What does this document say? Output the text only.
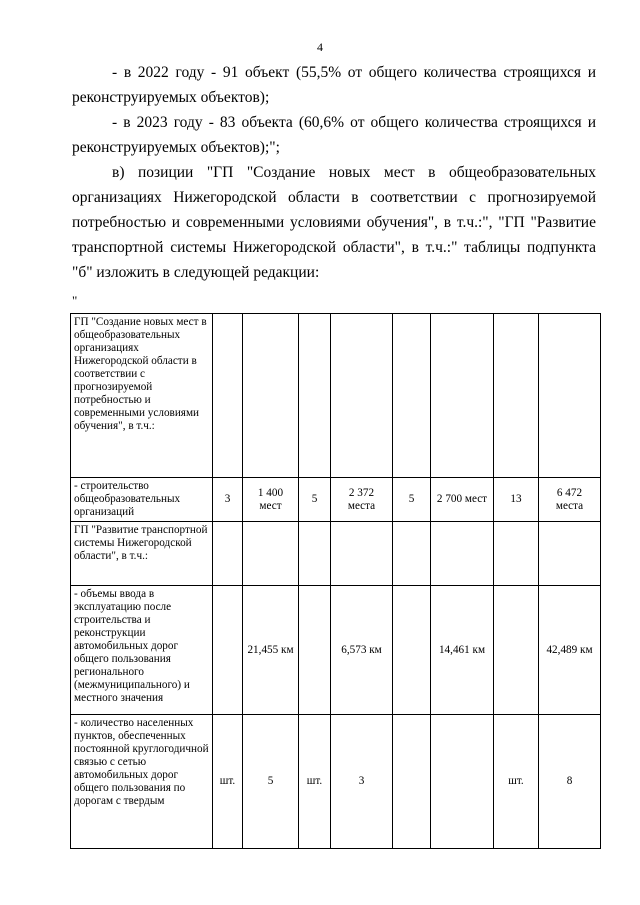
4

- в 2022 году - 91 объект (55,5% от общего количества строящихся и реконструируемых объектов);

- в 2023 году - 83 объекта (60,6% от общего количества строящихся и реконструируемых объектов);";

в) позиции "ГП "Создание новых мест в общеобразовательных организациях Нижегородской области в соответствии с прогнозируемой потребностью и современными условиями обучения", в т.ч.:", "ГП "Развитие транспортной системы Нижегородской области", в т.ч.:" таблицы подпункта "б" изложить в следующей редакции:

"
ГП "Создание новых мест в общеобразовательных организациях Нижегородской области в соответствии с прогнозируемой потребностью и современными условиями обучения", в т.ч.:								
- строительство общеобразовательных организаций	3	1 400 мест	5	2 372 места	5	2 700 мест	13	6 472 места
ГП "Развитие транспортной системы Нижегородской области", в т.ч.:								
- объемы ввода в эксплуатацию после строительства и реконструкции автомобильных дорог общего пользования регионального (межмуниципального) и местного значения		21,455 км		6,573 км		14,461 км		42,489 км
- количество населенных пунктов, обеспеченных постоянной круглогодичной связью с сетью автомобильных дорог общего пользования по дорогам с твердым	шт.	5	шт.	3			шт.	8
